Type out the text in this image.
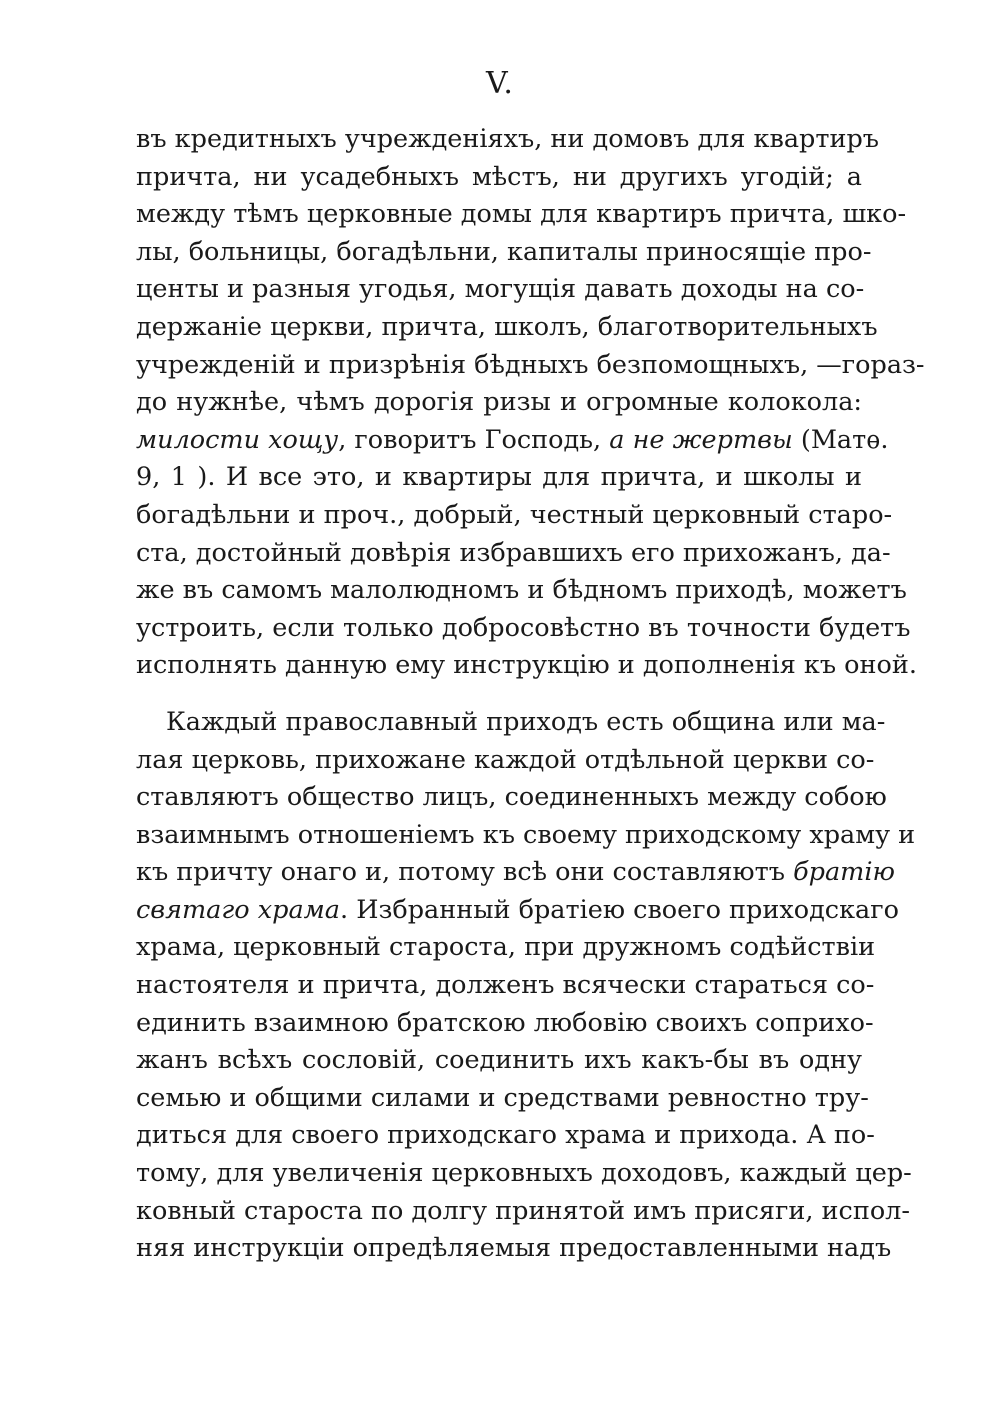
V.
въ кредитныхъ учрежденіяхъ, ни домовъ для квартиръ
причта, ни усадебныхъ мѣстъ, ни другихъ угодій; а
между тѣмъ церковные домы для квартиръ причта, шко-
лы, больницы, богадѣльни, капиталы приносящіе про-
центы и разныя угодья, могущія давать доходы на со-
держаніе церкви, причта, школъ, благотворительныхъ
учрежденій и призрѣнія бѣдныхъ безпомощныхъ, —гораз-
до нужнѣе, чѣмъ дорогія ризы и огромные колокола:
милости хощу, говоритъ Господь, а не жертвы (Матѳ.
9, 1 ). И все это, и квартиры для причта, и школы и
богадѣльни и проч., добрый, честный церковный старо-
ста, достойный довѣрія избравшихъ его прихожанъ, да-
же въ самомъ малолюдномъ и бѣдномъ приходѣ, можетъ
устроить, если только добросовѣстно въ точности будетъ
исполнять данную ему инструкцію и дополненія къ оной.
Каждый православный приходъ есть община или ма-
лая церковь, прихожане каждой отдѣльной церкви со-
ставляютъ общество лицъ, соединенныхъ между собою
взаимнымъ отношеніемъ къ своему приходскому храму и
къ причту онаго и, потому всѣ они составляютъ братію
святаго храма. Избранный братіею своего приходскаго
храма, церковный староста, при дружномъ содѣйствіи
настоятеля и причта, долженъ всячески стараться со-
единить взаимною братскою любовію своихъ соприхо-
жанъ всѣхъ сословій, соединить ихъ какъ-бы въ одну
семью и общими силами и средствами ревностно тру-
диться для своего приходскаго храма и прихода. А по-
тому, для увеличенія церковныхъ доходовъ, каждый цер-
ковный староста по долгу принятой имъ присяги, испол-
няя инструкціи опредѣляемыя предоставленными надъ
